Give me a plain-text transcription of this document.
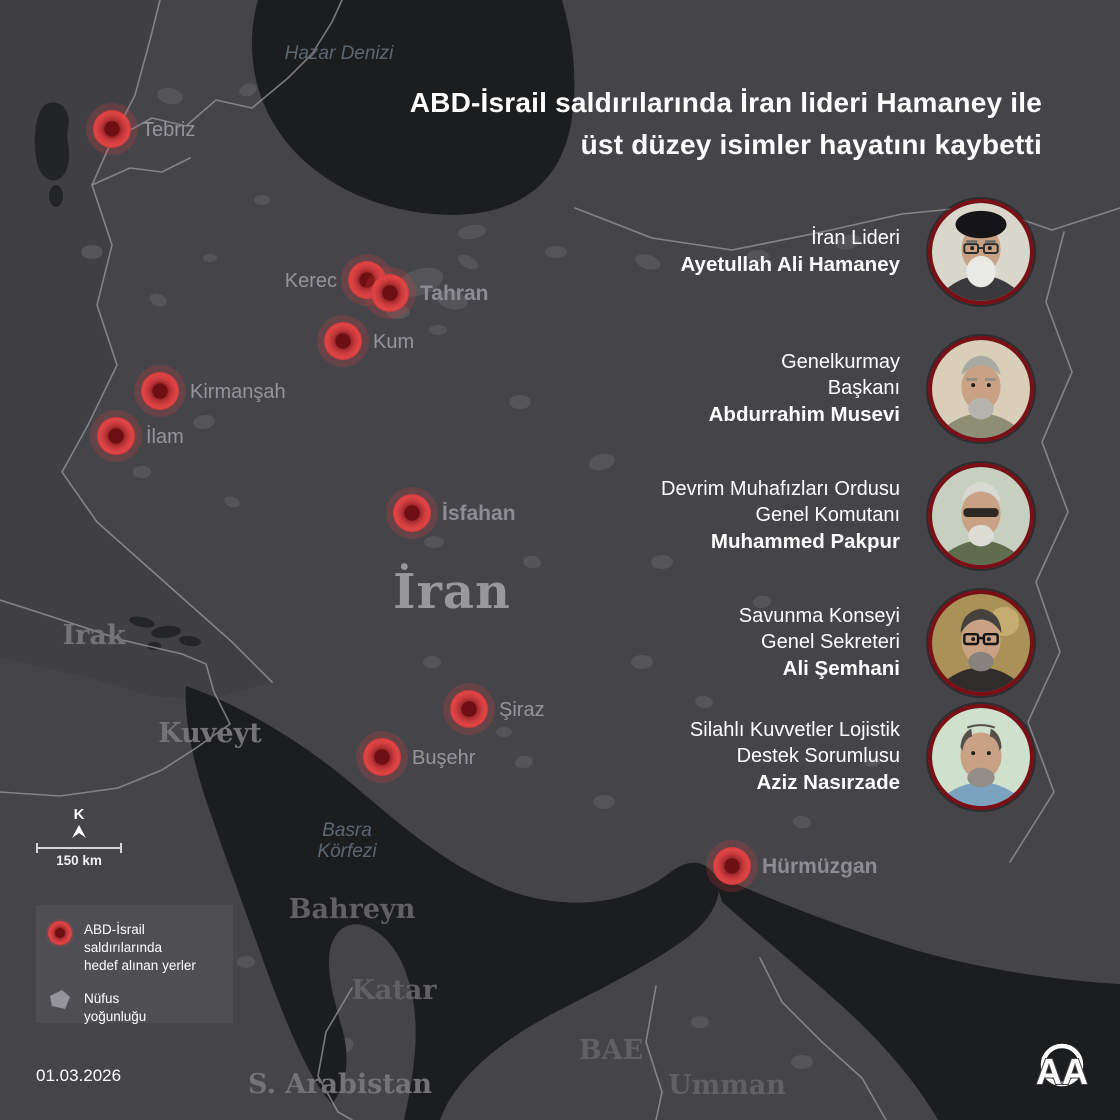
Hazar Denizi
Basra Körfezi
İran
Irak
Kuveyt
Bahreyn
Katar
BAE
S. Arabistan	Umman
Tebriz
Kerec
Tahran
Kum
Kirmanşah
İlam
İsfahan
Şiraz
Buşehr
Hürmüzgan
ABD-İsrail saldırılarında İran lideri Hamaney ile
üst düzey isimler hayatını kaybetti
İran Lideri
Ayetullah Ali Hamaney
Genelkurmay
Başkanı
Abdurrahim Musevi
Devrim Muhafızları Ordusu
Genel Komutanı
Muhammed Pakpur
Savunma Konseyi
Genel Sekreteri
Ali Şemhani
Silahlı Kuvvetler Lojistik
Destek Sorumlusu
Aziz Nasırzade
K
150 km
ABD-İsrail saldırılarında
hedef alınan yerler
Nüfus
yoğunluğu
01.03.2026	AA
